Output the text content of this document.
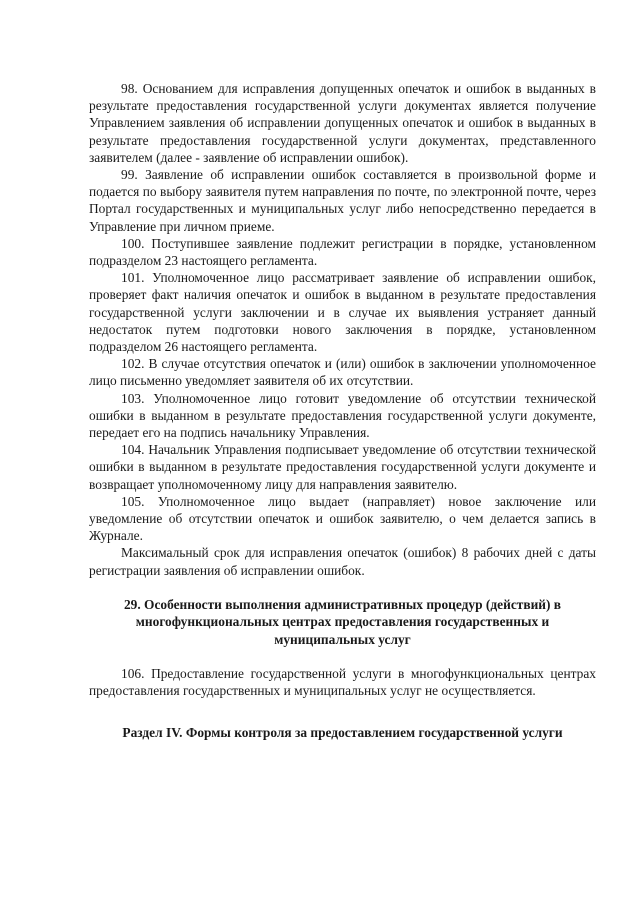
98. Основанием для исправления допущенных опечаток и ошибок в выданных в результате предоставления государственной услуги документах является получение Управлением заявления об исправлении допущенных опечаток и ошибок в выданных в результате предоставления государственной услуги документах, представленного заявителем (далее - заявление об исправлении ошибок).

99. Заявление об исправлении ошибок составляется в произвольной форме и подается по выбору заявителя путем направления по почте, по электронной почте, через Портал государственных и муниципальных услуг либо непосредственно передается в Управление при личном приеме.

100. Поступившее заявление подлежит регистрации в порядке, установленном подразделом 23 настоящего регламента.

101. Уполномоченное лицо рассматривает заявление об исправлении ошибок, проверяет факт наличия опечаток и ошибок в выданном в результате предоставления государственной услуги заключении и в случае их выявления устраняет данный недостаток путем подготовки нового заключения в порядке, установленном подразделом 26 настоящего регламента.

102. В случае отсутствия опечаток и (или) ошибок в заключении уполномоченное лицо письменно уведомляет заявителя об их отсутствии.

103. Уполномоченное лицо готовит уведомление об отсутствии технической ошибки в выданном в результате предоставления государственной услуги документе, передает его на подпись начальнику Управления.

104. Начальник Управления подписывает уведомление об отсутствии технической ошибки в выданном в результате предоставления государственной услуги документе и возвращает уполномоченному лицу для направления заявителю.

105. Уполномоченное лицо выдает (направляет) новое заключение или уведомление об отсутствии опечаток и ошибок заявителю, о чем делается запись в Журнале.

Максимальный срок для исправления опечаток (ошибок) 8 рабочих дней с даты регистрации заявления об исправлении ошибок.

29. Особенности выполнения административных процедур (действий) в многофункциональных центрах предоставления государственных и муниципальных услуг

106. Предоставление государственной услуги в многофункциональных центрах предоставления государственных и муниципальных услуг не осуществляется.

Раздел IV. Формы контроля за предоставлением государственной услуги
